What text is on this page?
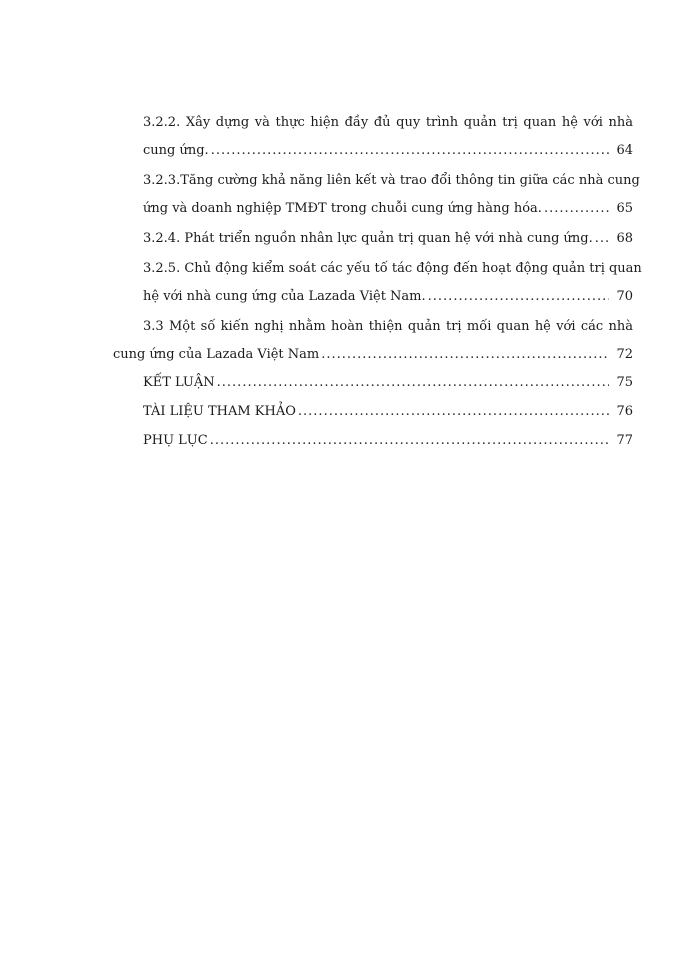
3.2.2. Xây dựng và thực hiện đầy đủ quy trình quản trị quan hệ với nhà
cung ứng. .....	64
3.2.3.Tăng cường khả năng liên kết và trao đổi thông tin giữa các nhà cung
ứng và doanh nghiệp TMĐT trong chuỗi cung ứng hàng hóa. .....	65
3.2.4. Phát triển nguồn nhân lực quản trị quan hệ với nhà cung ứng. ..... 68
3.2.5. Chủ động kiểm soát các yếu tố tác động đến hoạt động quản trị quan
hệ với nhà cung ứng của Lazada Việt Nam. .....	70
3.3 Một số kiến nghị nhằm hoàn thiện quản trị mối quan hệ với các nhà
cung ứng của Lazada Việt Nam .....	72
KẾT LUẬN .....	75
TÀI LIỆU THAM KHẢO .....	76
PHỤ LỤC .....	77
